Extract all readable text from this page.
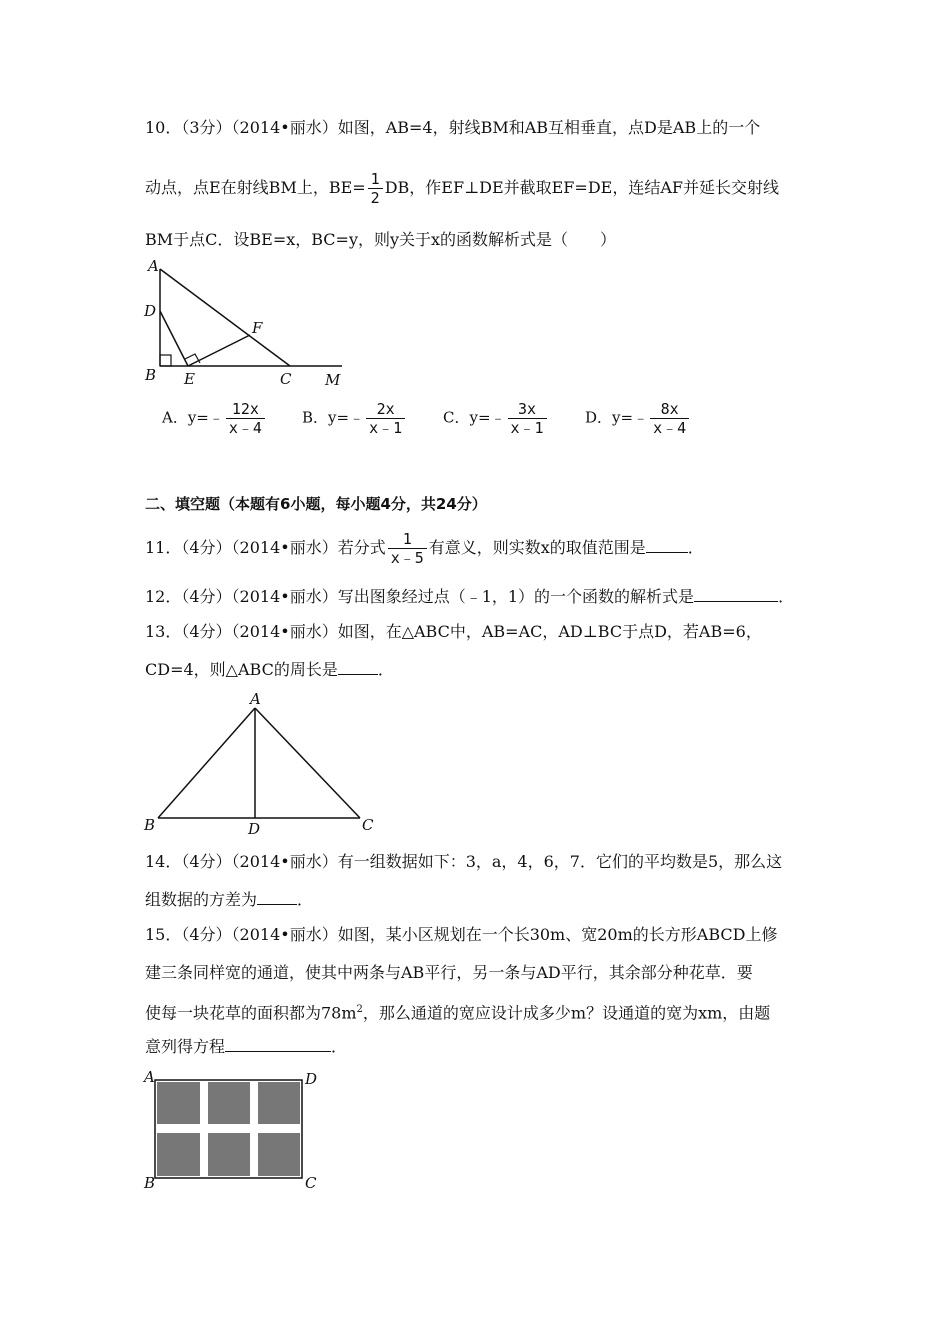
10．（3分）（2014•丽水）如图，AB=4，射线BM和AB互相垂直，点D是AB上的一个
动点，点E在射线BM上，$BE= \frac{1}{2}$ DB，作EF⊥DE并截取EF=DE，连结AF并延长交射线
BM于点C．设BE=x，BC=y，则y关于x的函数解析式是（　　）
A
D
F
B E	C M
A．y=﹣ $\frac{12x}{x﹣4}$ B．y=﹣ $\frac{2x}{x﹣1}$	C．y=﹣ $\frac{3x}{x﹣1}$	D．y=﹣ $\frac{8x}{x﹣4}$
二、填空题（本题有6小题，每小题4分，共24分）
11．（4分）（2014•丽水）若分式 $\frac{1}{x﹣5}$ 有意义，则实数x的取值范围是	．
12．（4分）（2014•丽水）写出图象经过点（﹣1，1）的一个函数的解析式是	．
13．（4分）（2014•丽水）如图，在△ABC中，AB=AC，AD⊥BC于点D，若AB=6，
CD=4，则△ABC的周长是	．
A
B	D	C
14．（4分）（2014•丽水）有一组数据如下：3，a，4，6，7．它们的平均数是5，那么这
组数据的方差为	．
15．（4分）（2014•丽水）如图，某小区规划在一个长30m、宽20m的长方形ABCD上修
建三条同样宽的通道，使其中两条与AB平行，另一条与AD平行，其余部分种花草．要
使每一块花草的面积都为$78m^2$，那么通道的宽应设计成多少m？设通道的宽为xm，由题
意列得方程	．
A	D
B	C
